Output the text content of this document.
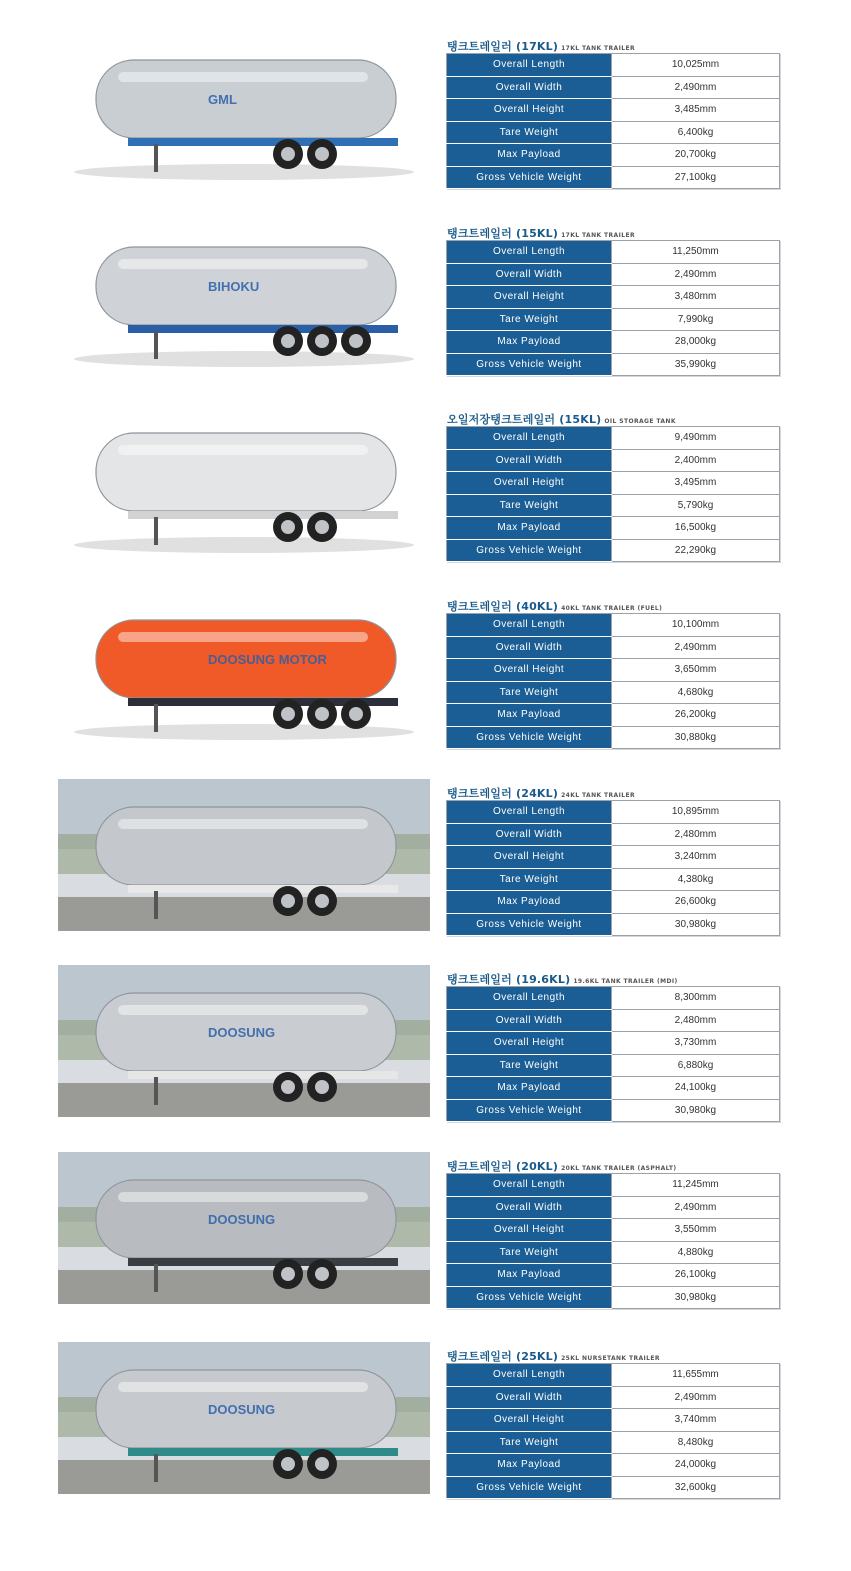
GML
탱크트레일러 (17KL) 17KL TANK TRAILER
Overall Length	10,025mm
Overall Width	2,490mm
Overall Height	3,485mm
Tare Weight	6,400kg
Max Payload	20,700kg
Gross Vehicle Weight	27,100kg
BIHOKU
탱크트레일러 (15KL) 17KL TANK TRAILER
Overall Length	11,250mm
Overall Width	2,490mm
Overall Height	3,480mm
Tare Weight	7,990kg
Max Payload	28,000kg
Gross Vehicle Weight	35,990kg
오일저장탱크트레일러 (15KL) OIL STORAGE TANK
Overall Length	9,490mm
Overall Width	2,400mm
Overall Height	3,495mm
Tare Weight	5,790kg
Max Payload	16,500kg
Gross Vehicle Weight	22,290kg
DOOSUNG MOTOR
탱크트레일러 (40KL) 40KL TANK TRAILER (FUEL)
Overall Length	10,100mm
Overall Width	2,490mm
Overall Height	3,650mm
Tare Weight	4,680kg
Max Payload	26,200kg
Gross Vehicle Weight	30,880kg
탱크트레일러 (24KL) 24KL TANK TRAILER
Overall Length	10,895mm
Overall Width	2,480mm
Overall Height	3,240mm
Tare Weight	4,380kg
Max Payload	26,600kg
Gross Vehicle Weight	30,980kg
DOOSUNG
탱크트레일러 (19.6KL) 19.6KL TANK TRAILER (MDI)
Overall Length	8,300mm
Overall Width	2,480mm
Overall Height	3,730mm
Tare Weight	6,880kg
Max Payload	24,100kg
Gross Vehicle Weight	30,980kg
DOOSUNG
탱크트레일러 (20KL) 20KL TANK TRAILER (ASPHALT)
Overall Length	11,245mm
Overall Width	2,490mm
Overall Height	3,550mm
Tare Weight	4,880kg
Max Payload	26,100kg
Gross Vehicle Weight	30,980kg
DOOSUNG
탱크트레일러 (25KL) 25KL NURSETANK TRAILER
Overall Length	11,655mm
Overall Width	2,490mm
Overall Height	3,740mm
Tare Weight	8,480kg
Max Payload	24,000kg
Gross Vehicle Weight	32,600kg
